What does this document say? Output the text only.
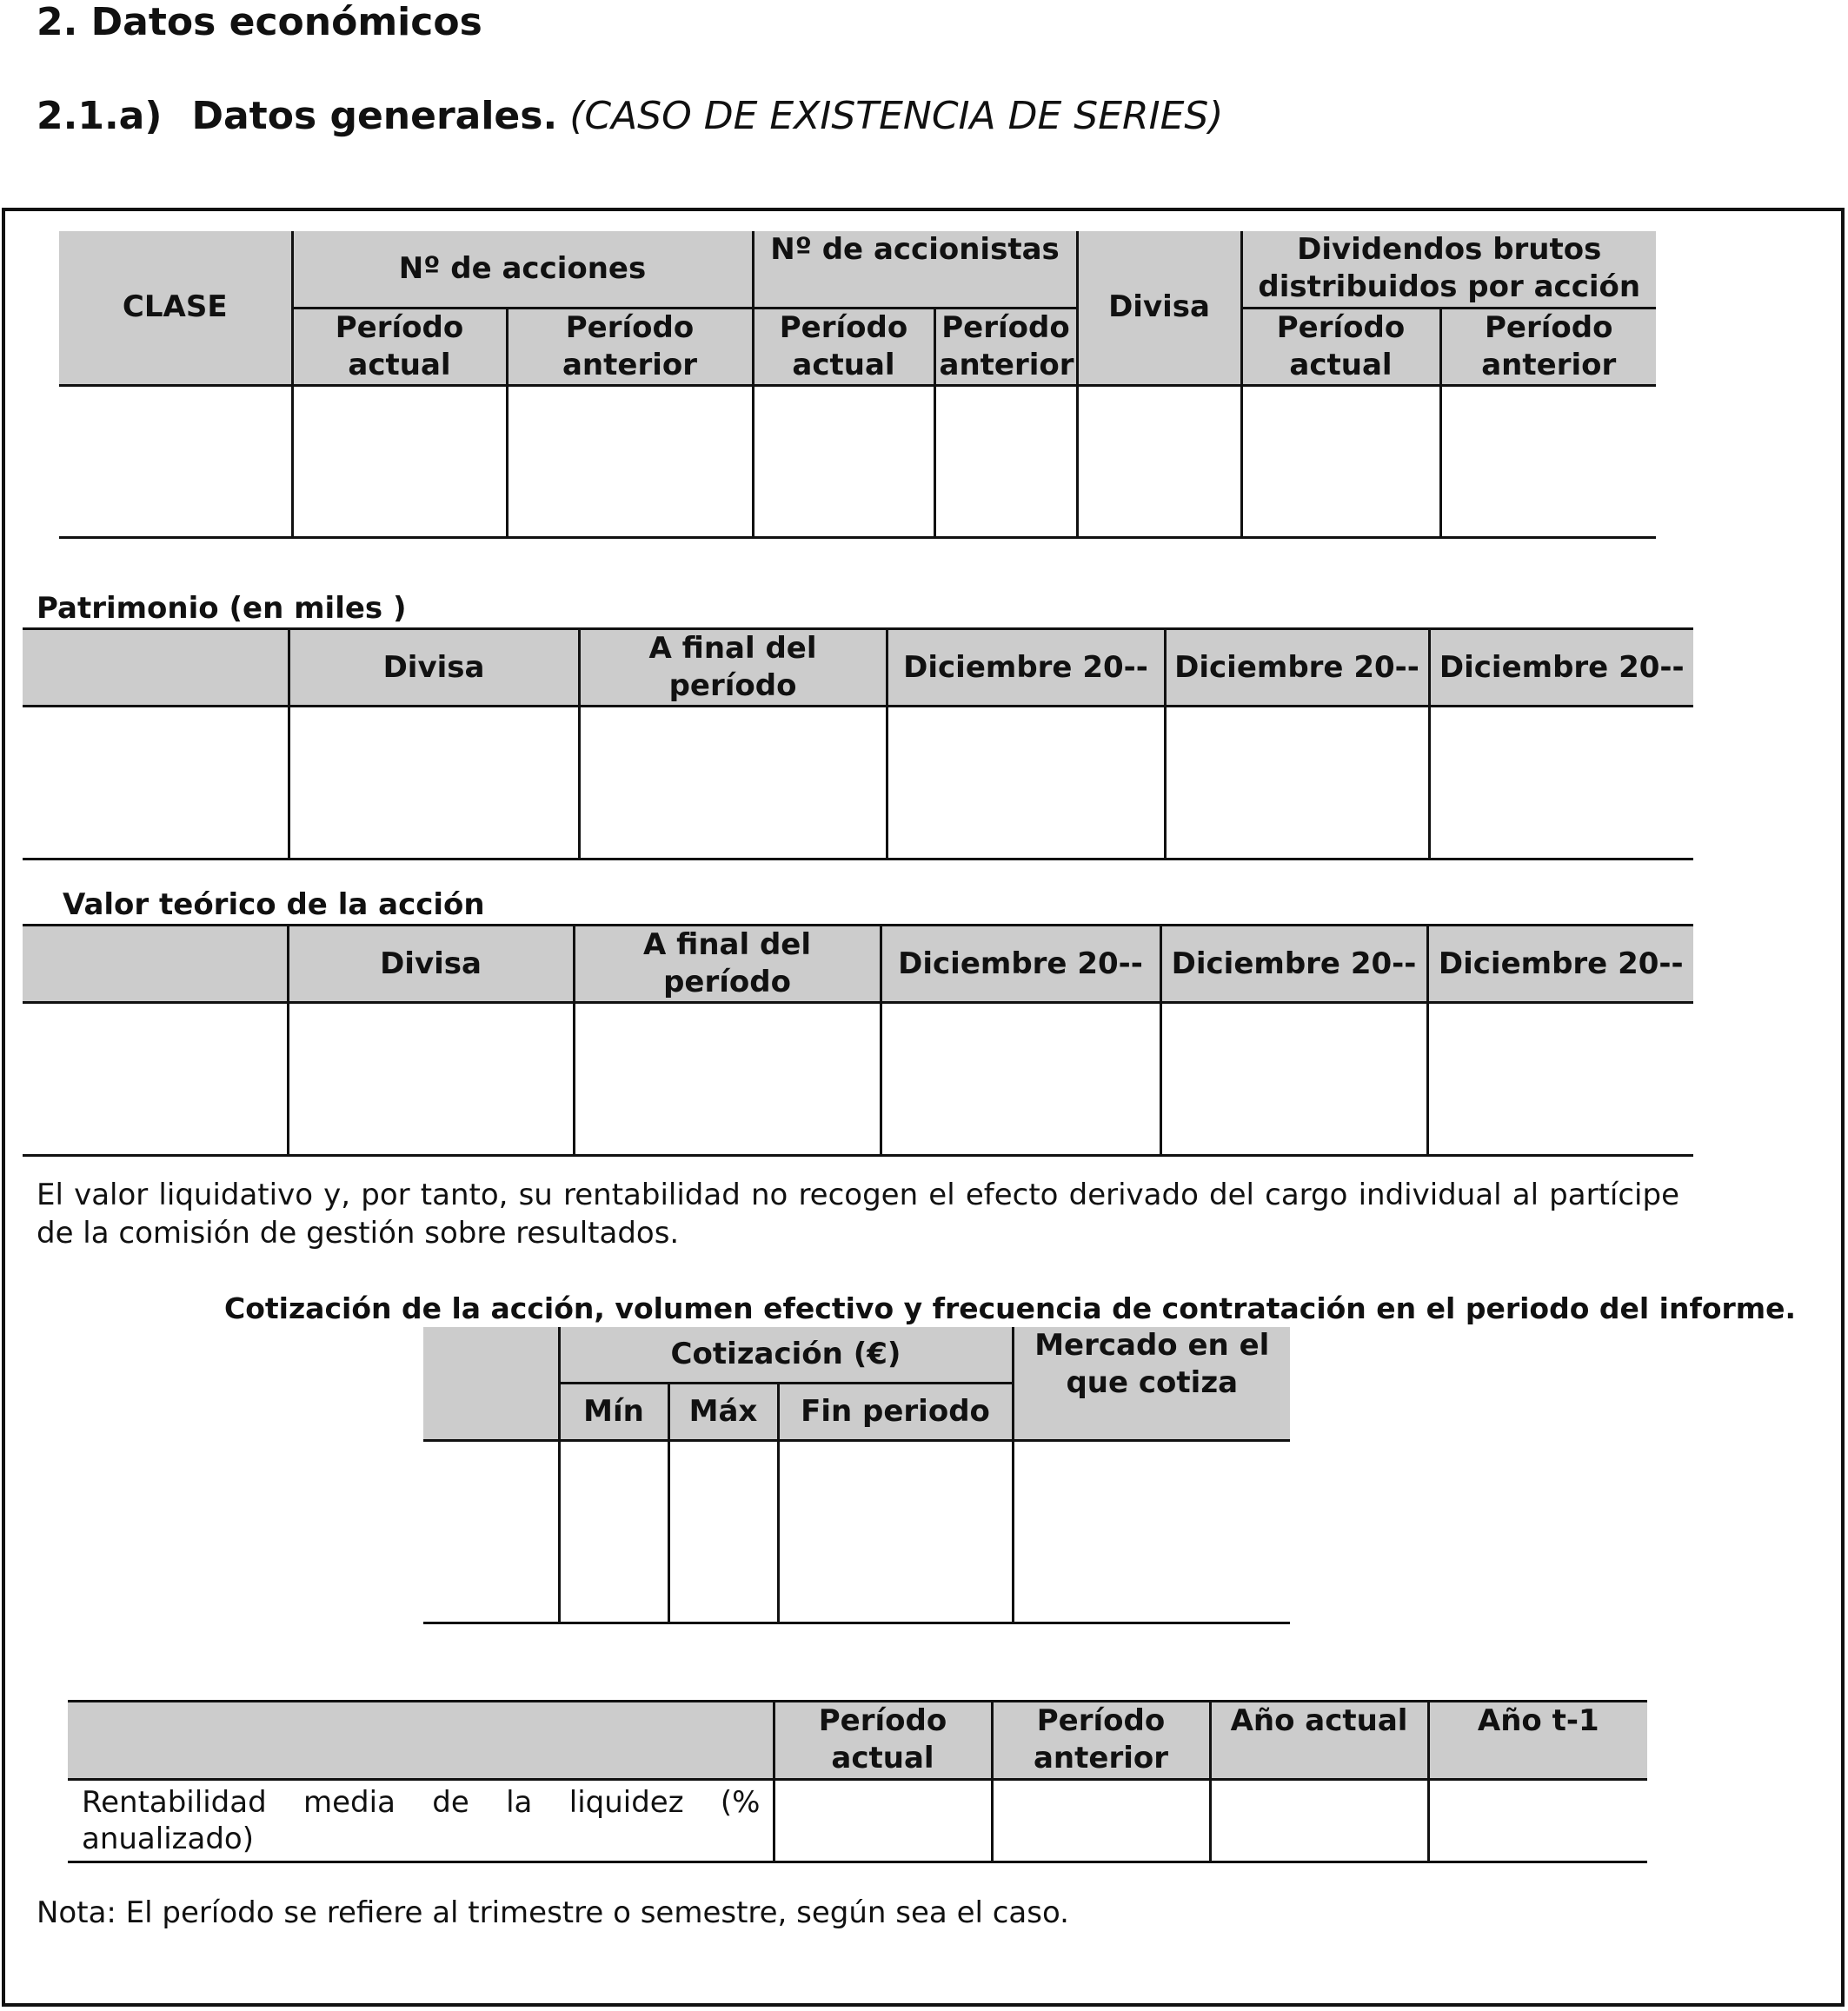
2. Datos económicos
2.1.a) Datos generales. (CASO DE EXISTENCIA DE SERIES)
CLASE	Nº de acciones		Nº de accionistas		Divisa	Dividendos brutos distribuidos por acción	
	Período actual	Período anterior	Período actual	Período anterior		Período actual	Período anterior

Patrimonio (en miles )
	Divisa	A final del período	Diciembre 20--	Diciembre 20--	Diciembre 20--

Valor teórico de la acción
	Divisa	A final del período	Diciembre 20--	Diciembre 20--	Diciembre 20--

El valor liquidativo y, por tanto, su rentabilidad no recogen el efecto derivado del cargo individual al partícipe de la comisión de gestión sobre resultados.
Cotización de la acción, volumen efectivo y frecuencia de contratación en el periodo del informe.
	Cotización (€)			Mercado en el que cotiza
	Mín	Máx	Fin periodo	

	Período actual	Período anterior	Año actual	Año t-1
Rentabilidad media de la liquidez (% anualizado)				
Nota: El período se refiere al trimestre o semestre, según sea el caso.
